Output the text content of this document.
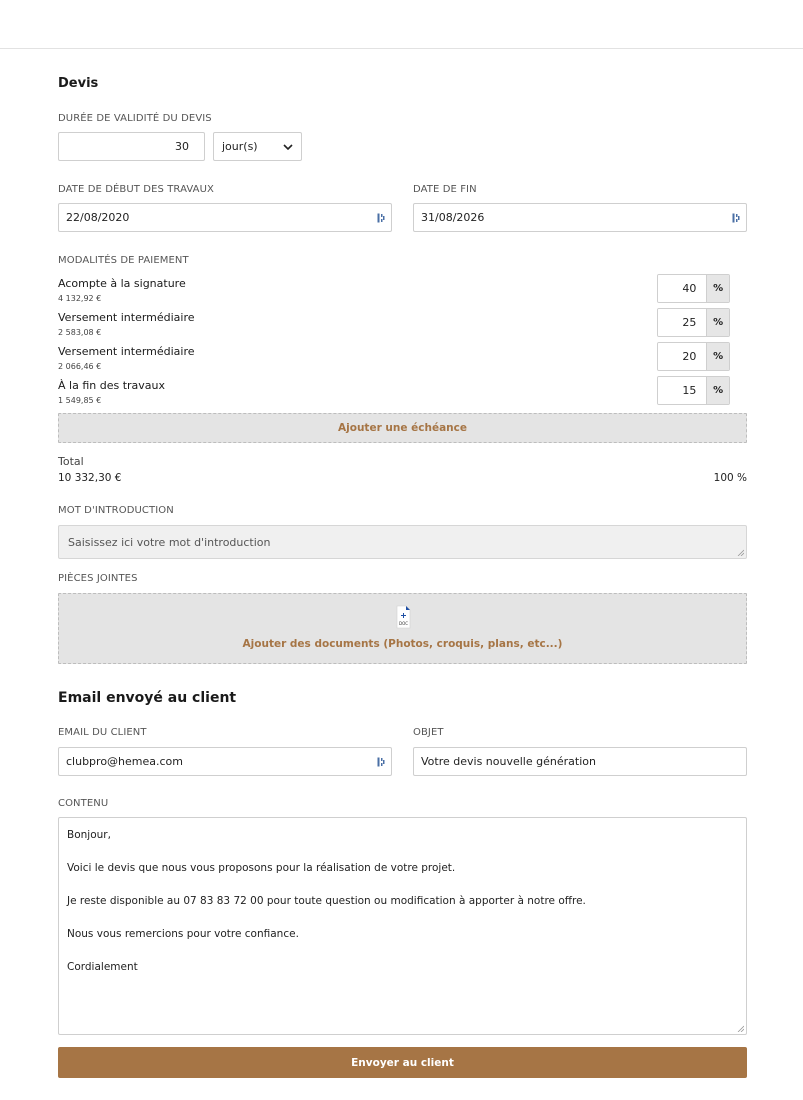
Devis
DURÉE DE VALIDITÉ DU DEVIS
30	jour(s)
DATE DE DÉBUT DES TRAVAUX
22/08/2020
DATE DE FIN
31/08/2026
MODALITÉS DE PAIEMENT
Acompte à la signature
4 132,92 €
40	%
Versement intermédiaire
2 583,08 €
25	%
Versement intermédiaire
2 066,46 €
20	%
À la fin des travaux
1 549,85 €
15	%
Ajouter une échéance
Total
10 332,30 €	100 %
MOT D'INTRODUCTION
Saisissez ici votre mot d'introduction
PIÈCES JOINTES
DOC
Ajouter des documents (Photos, croquis, plans, etc...)
Email envoyé au client
EMAIL DU CLIENT
clubpro@hemea.com
OBJET
Votre devis nouvelle génération
CONTENU

Bonjour,

Voici le devis que nous vous proposons pour la réalisation de votre projet.

Je reste disponible au 07 83 83 72 00 pour toute question ou modification à apporter à notre offre.

Nous vous remercions pour votre confiance.

Cordialement

Envoyer au client
